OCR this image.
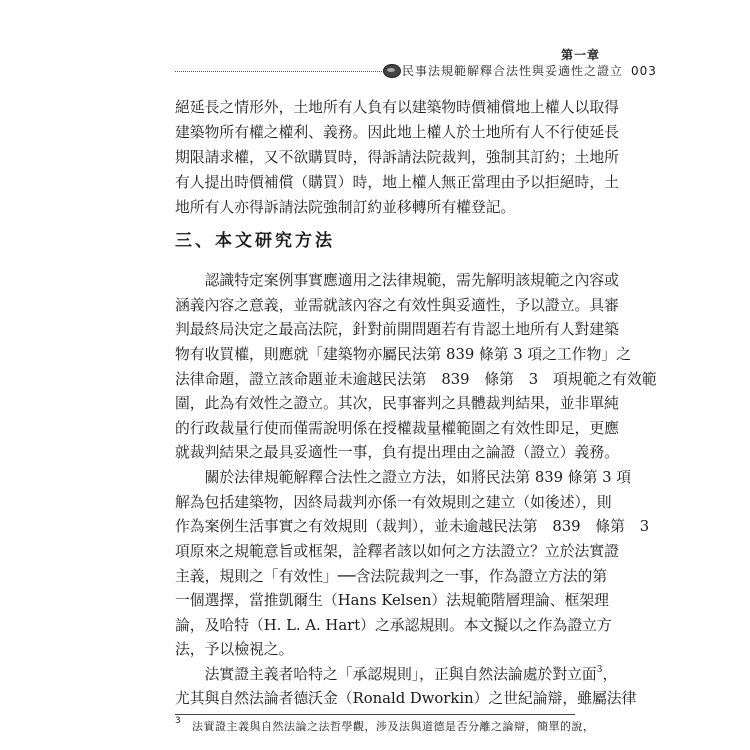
第一章
民事法規範解釋合法性與妥適性之證立 003
絕延長之情形外，土地所有人負有以建築物時價補償地上權人以取得
建築物所有權之權利、義務。因此地上權人於土地所有人不行使延長
期限請求權，又不欲購買時，得訴請法院裁判，強制其訂約；土地所
有人提出時價補償（購買）時，地上權人無正當理由予以拒絕時，土
地所有人亦得訴請法院強制訂約並移轉所有權登記。
三、本文研究方法
　　認識特定案例事實應適用之法律規範，需先解明該規範之內容或
涵義內容之意義，並需就該內容之有效性與妥適性，予以證立。具審
判最終局決定之最高法院，針對前開問題若有肯認土地所有人對建築
物有收買權，則應就「建築物亦屬民法第 839 條第 3 項之工作物」之
法律命題，證立該命題並未逾越民法第　839　條第　3　項規範之有效範
圍，此為有效性之證立。其次，民事審判之具體裁判結果，並非單純
的行政裁量行使而僅需說明係在授權裁量權範圍之有效性即足，更應
就裁判結果之最具妥適性一事，負有提出理由之論證（證立）義務。
　　關於法律規範解釋合法性之證立方法，如將民法第 839 條第 3 項
解為包括建築物，因終局裁判亦係一有效規則之建立（如後述），則
作為案例生活事實之有效規則（裁判），並未逾越民法第　839　條第　3
項原來之規範意旨或框架，詮釋者該以如何之方法證立？立於法實證
主義，規則之「有效性」──含法院裁判之一事，作為證立方法的第
一個選擇，當推凱爾生（Hans Kelsen）法規範階層理論、框架理
論，及哈特（H. L. A. Hart）之承認規則。本文擬以之作為證立方
法，予以檢視之。
　　法實證主義者哈特之「承認規則」，正與自然法論處於對立面$^3$，
尤其與自然法論者德沃金（Ronald Dworkin）之世紀論辯，雖屬法律
3 法實證主義與自然法論之法哲學觀，涉及法與道德是否分離之論辯，簡單的說，
